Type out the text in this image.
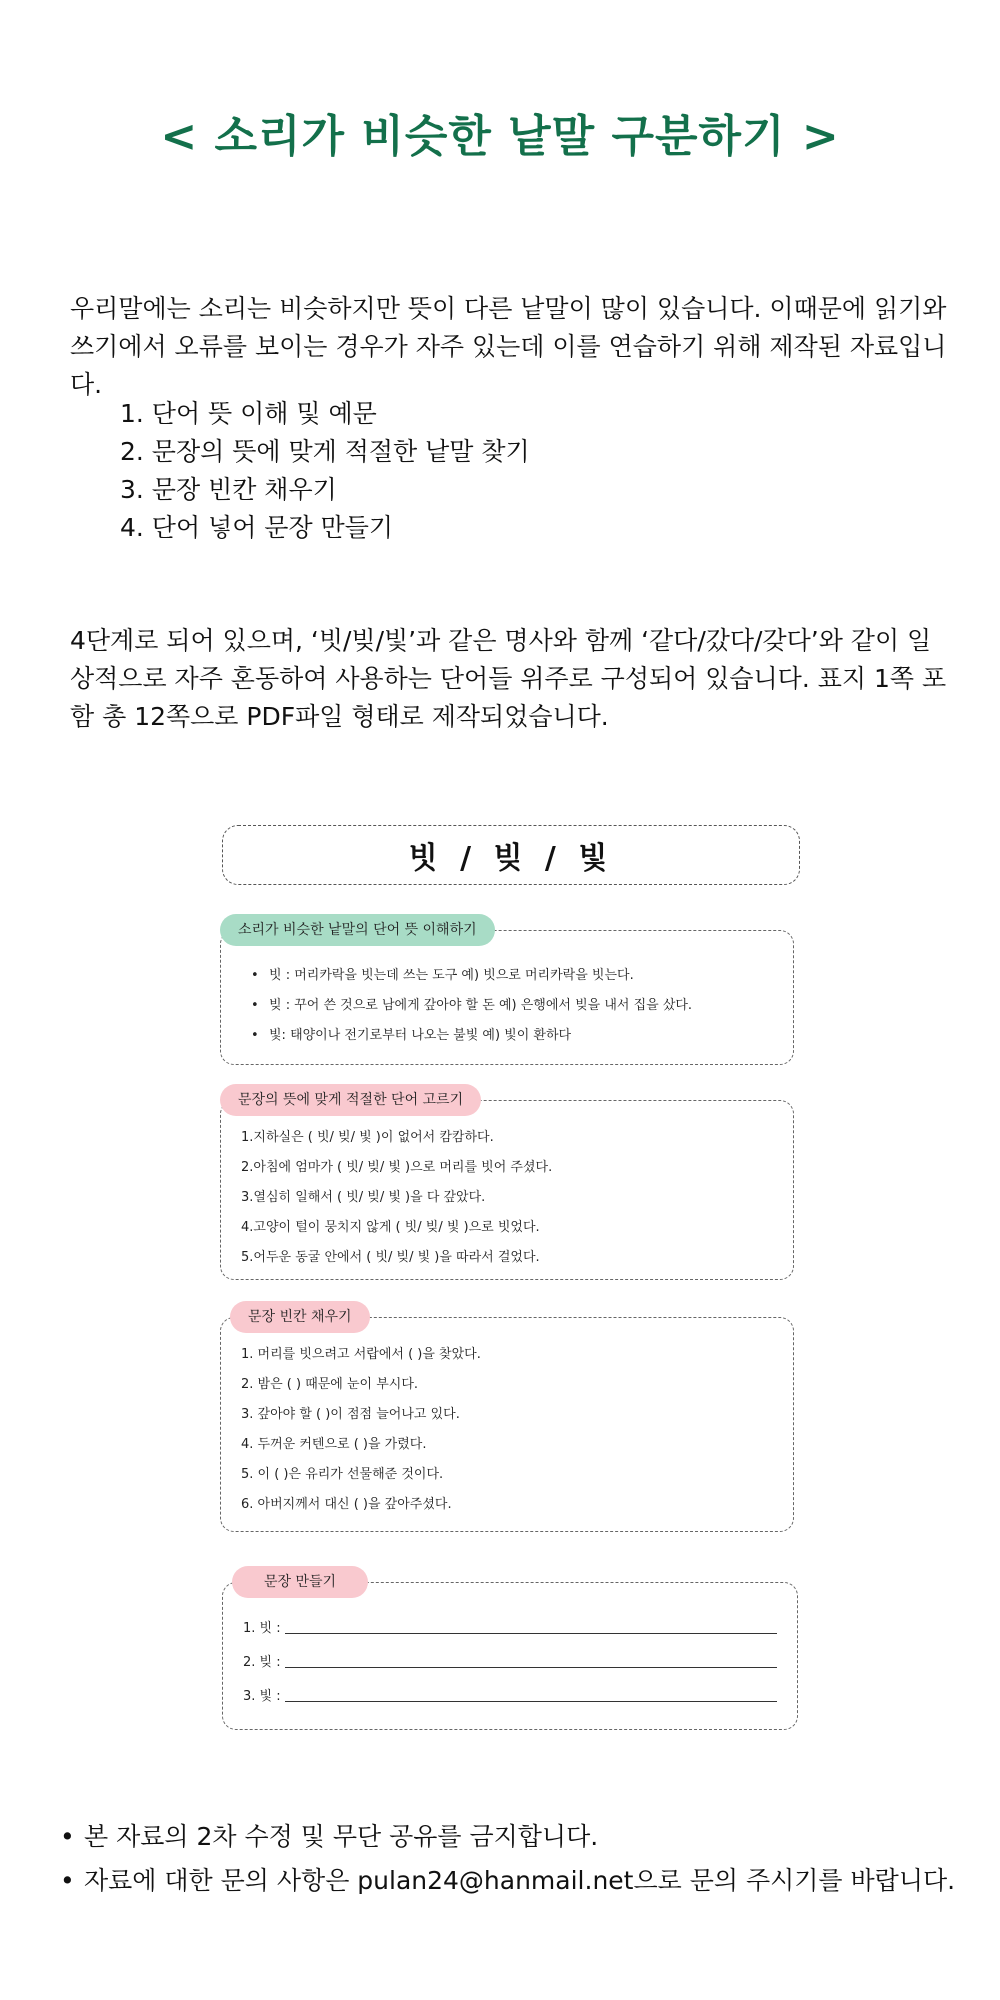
< 소리가 비슷한 낱말 구분하기 >

우리말에는 소리는 비슷하지만 뜻이 다른 낱말이 많이 있습니다. 이때문에 읽기와 쓰기에서 오류를 보이는 경우가 자주 있는데 이를 연습하기 위해 제작된 자료입니다.

1. 단어 뜻 이해 및 예문
2. 문장의 뜻에 맞게 적절한 낱말 찾기
3. 문장 빈칸 채우기
4. 단어 넣어 문장 만들기

4단계로 되어 있으며, ‘빗/빚/빛’과 같은 명사와 함께 ‘같다/갔다/갖다’와 같이 일상적으로 자주 혼동하여 사용하는 단어들 위주로 구성되어 있습니다. 표지 1쪽 포함 총 12쪽으로 PDF파일 형태로 제작되었습니다.

빗 / 빚 / 빛
• 빗 : 머리카락을 빗는데 쓰는 도구 예) 빗으로 머리카락을 빗는다.
• 빚 : 꾸어 쓴 것으로 남에게 갚아야 할 돈 예) 은행에서 빚을 내서 집을 샀다.
• 빛: 태양이나 전기로부터 나오는 불빛 예) 빛이 환하다
소리가 비슷한 낱말의 단어 뜻 이해하기
1.지하실은 ( 빗/ 빚/ 빛 )이 없어서 캄캄하다.
2.아침에 엄마가 ( 빗/ 빚/ 빛 )으로 머리를 빗어 주셨다.
3.열심히 일해서 ( 빗/ 빚/ 빛 )을 다 갚았다.
4.고양이 털이 뭉치지 않게 ( 빗/ 빚/ 빛 )으로 빗었다.
5.어두운 동굴 안에서 ( 빗/ 빚/ 빛 )을 따라서 걸었다.
문장의 뜻에 맞게 적절한 단어 고르기
1. 머리를 빗으려고 서랍에서 ( )을 찾았다.
2. 밤은 ( ) 때문에 눈이 부시다.
3. 갚아야 할 ( )이 점점 늘어나고 있다.
4. 두꺼운 커텐으로 ( )을 가렸다.
5. 이 ( )은 유리가 선물해준 것이다.
6. 아버지께서 대신 ( )을 갚아주셨다.
문장 빈칸 채우기
1. 빗 :
2. 빚 :
3. 빛 :
문장 만들기
• 본 자료의 2차 수정 및 무단 공유를 금지합니다.
• 자료에 대한 문의 사항은 pulan24@hanmail.net으로 문의 주시기를 바랍니다.
